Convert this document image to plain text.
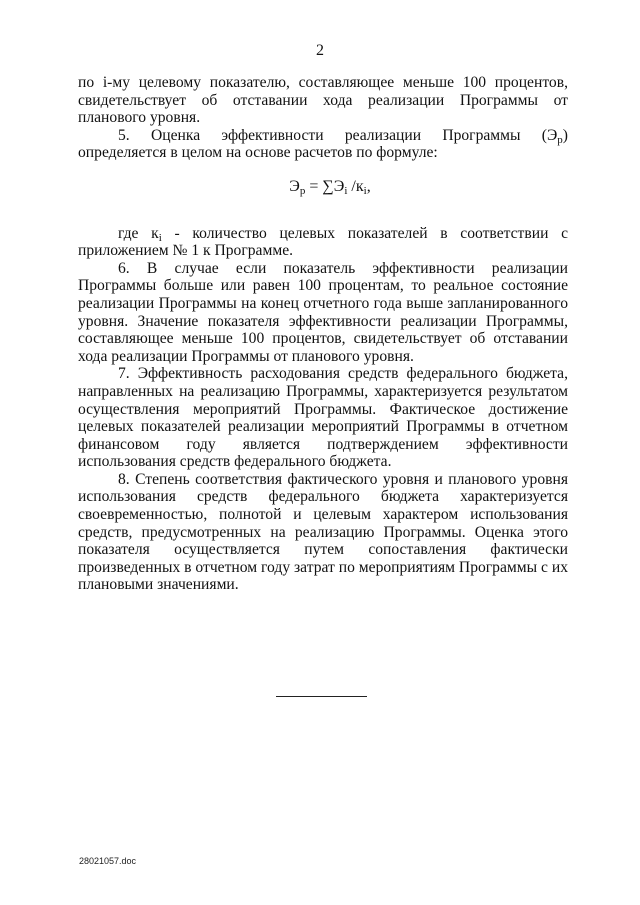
2

по i-му целевому показателю, составляющее меньше 100 процентов, свидетельствует об отставании хода реализации Программы от планового уровня.

5. Оценка эффективности реализации Программы $(Э_р)$ определяется в целом на основе расчетов по формуле:

$Э_р = \sum Э_i$ $/к_i$,

где $к_i$ - количество целевых показателей в соответствии с приложением № 1 к Программе.

6. В случае если показатель эффективности реализации Программы больше или равен 100 процентам, то реальное состояние реализации Программы на конец отчетного года выше запланированного уровня. Значение показателя эффективности реализации Программы, составляющее меньше 100 процентов, свидетельствует об отставании хода реализации Программы от планового уровня.

7. Эффективность расходования средств федерального бюджета, направленных на реализацию Программы, характеризуется результатом осуществления мероприятий Программы. Фактическое достижение целевых показателей реализации мероприятий Программы в отчетном финансовом году является подтверждением эффективности использования средств федерального бюджета.

8. Степень соответствия фактического уровня и планового уровня использования средств федерального бюджета характеризуется своевременностью, полнотой и целевым характером использования средств, предусмотренных на реализацию Программы. Оценка этого показателя осуществляется путем сопоставления фактически произведенных в отчетном году затрат по мероприятиям Программы с их плановыми значениями.

28021057.doc
